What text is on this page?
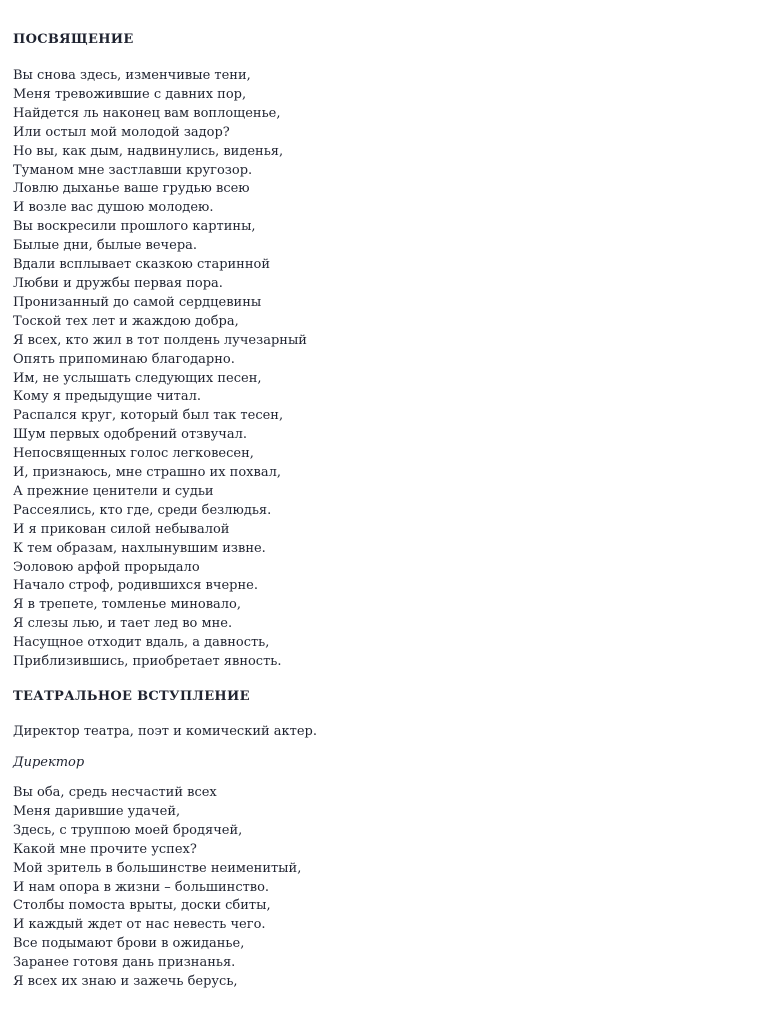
ПОСВЯЩЕНИЕ
Вы снова здесь, изменчивые тени,
Меня тревожившие с давних пор,
Найдется ль наконец вам воплощенье,
Или остыл мой молодой задор?
Но вы, как дым, надвинулись, виденья,
Туманом мне застлавши кругозор.
Ловлю дыханье ваше грудью всею
И возле вас душою молодею.
Вы воскресили прошлого картины,
Былые дни, былые вечера.
Вдали всплывает сказкою старинной
Любви и дружбы первая пора.
Пронизанный до самой сердцевины
Тоской тех лет и жаждою добра,
Я всех, кто жил в тот полдень лучезарный
Опять припоминаю благодарно.
Им, не услышать следующих песен,
Кому я предыдущие читал.
Распался круг, который был так тесен,
Шум первых одобрений отзвучал.
Непосвященных голос легковесен,
И, признаюсь, мне страшно их похвал,
А прежние ценители и судьи
Рассеялись, кто где, среди безлюдья.
И я прикован силой небывалой
К тем образам, нахлынувшим извне.
Эоловою арфой прорыдало
Начало строф, родившихся вчерне.
Я в трепете, томленье миновало,
Я слезы лью, и тает лед во мне.
Насущное отходит вдаль, а давность,
Приблизившись, приобретает явность.
ТЕАТРАЛЬНОЕ ВСТУПЛЕНИЕ
Директор театра, поэт и комический актер.
Директор
Вы оба, средь несчастий всех
Меня дарившие удачей,
Здесь, с труппою моей бродячей,
Какой мне прочите успех?
Мой зритель в большинстве неименитый,
И нам опора в жизни – большинство.
Столбы помоста врыты, доски сбиты,
И каждый ждет от нас невесть чего.
Все подымают брови в ожиданье,
Заранее готовя дань признанья.
Я всех их знаю и зажечь берусь,
